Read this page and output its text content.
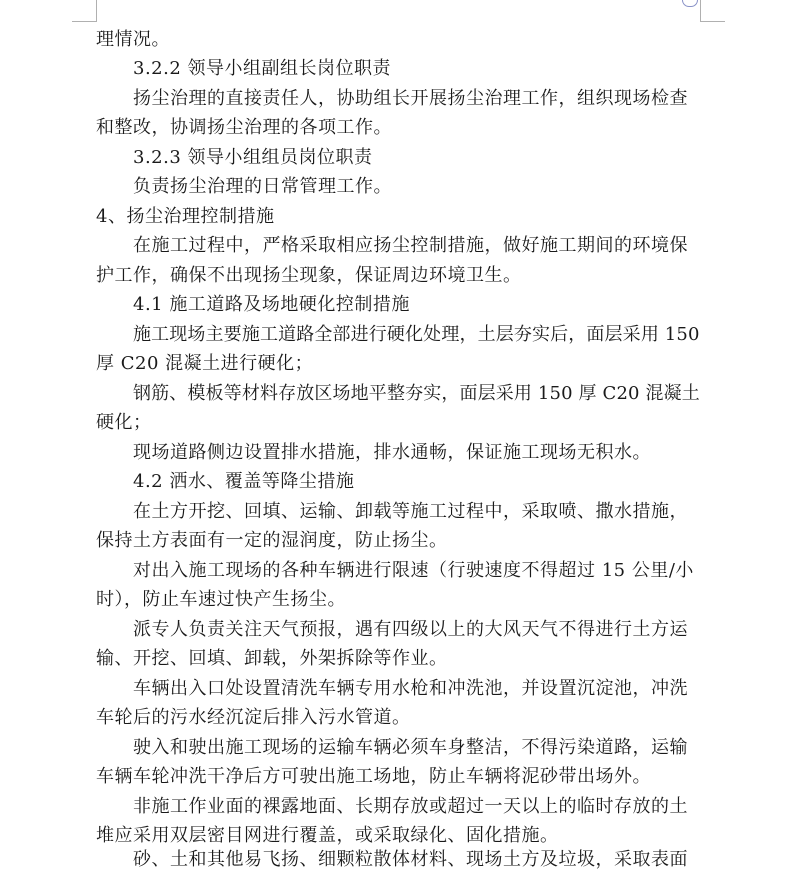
理情况。
3.2.2 领导小组副组长岗位职责
扬尘治理的直接责任人，协助组长开展扬尘治理工作，组织现场检查
和整改，协调扬尘治理的各项工作。
3.2.3 领导小组组员岗位职责
负责扬尘治理的日常管理工作。
4、扬尘治理控制措施
在施工过程中，严格采取相应扬尘控制措施，做好施工期间的环境保
护工作，确保不出现扬尘现象，保证周边环境卫生。
4.1 施工道路及场地硬化控制措施
施工现场主要施工道路全部进行硬化处理，土层夯实后，面层采用 150
厚 C20 混凝土进行硬化；
钢筋、模板等材料存放区场地平整夯实，面层采用 150 厚 C20 混凝土
硬化；
现场道路侧边设置排水措施，排水通畅，保证施工现场无积水。
4.2 洒水、覆盖等降尘措施
在土方开挖、回填、运输、卸载等施工过程中，采取喷、撒水措施，
保持土方表面有一定的湿润度，防止扬尘。
对出入施工现场的各种车辆进行限速（行驶速度不得超过 15 公里/小
时），防止车速过快产生扬尘。
派专人负责关注天气预报，遇有四级以上的大风天气不得进行土方运
输、开挖、回填、卸载，外架拆除等作业。
车辆出入口处设置清洗车辆专用水枪和冲洗池，并设置沉淀池，冲洗
车轮后的污水经沉淀后排入污水管道。
驶入和驶出施工现场的运输车辆必须车身整洁，不得污染道路，运输
车辆车轮冲洗干净后方可驶出施工场地，防止车辆将泥砂带出场外。
非施工作业面的裸露地面、长期存放或超过一天以上的临时存放的土
堆应采用双层密目网进行覆盖，或采取绿化、固化措施。
砂、土和其他易飞扬、细颗粒散体材料、现场土方及垃圾，采取表面
